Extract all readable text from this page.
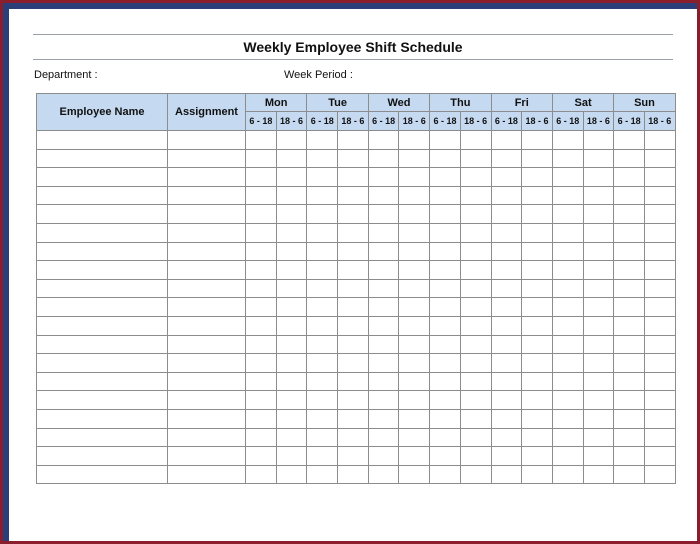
Weekly Employee Shift Schedule
Department :	Week Period :
Employee Name	Assignment	Mon		Tue		Wed		Thu		Fri		Sat		Sun	
		6 - 18	18 - 6	6 - 18	18 - 6	6 - 18	18 - 6	6 - 18	18 - 6	6 - 18	18 - 6	6 - 18	18 - 6	6 - 18	18 - 6
